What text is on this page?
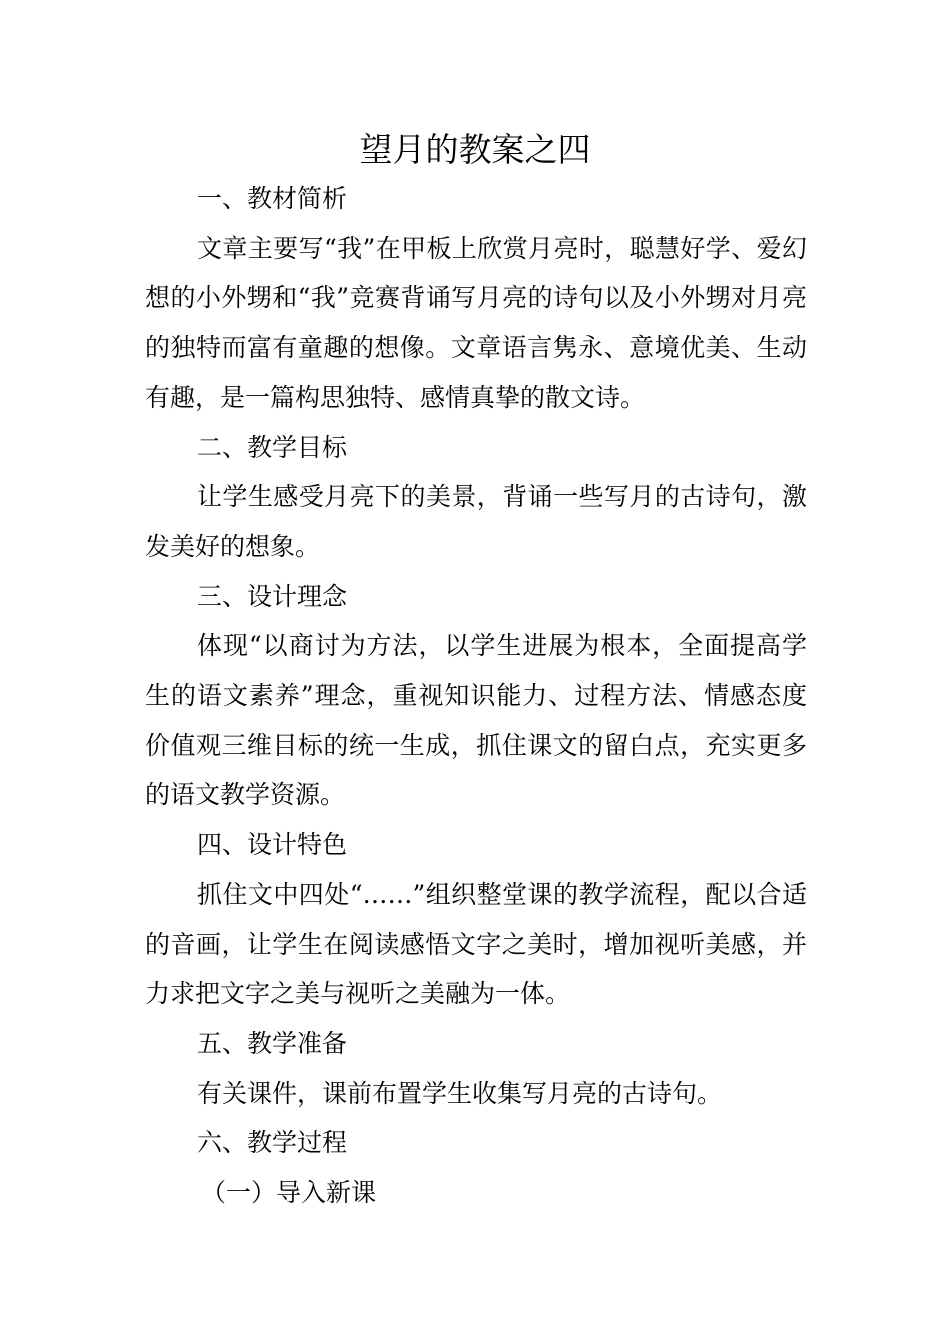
望月的教案之四

一、教材简析

文章主要写“我”在甲板上欣赏月亮时，聪慧好学、爱幻想的小外甥和“我”竞赛背诵写月亮的诗句以及小外甥对月亮的独特而富有童趣的想像。文章语言隽永、意境优美、生动有趣，是一篇构思独特、感情真挚的散文诗。

二、教学目标

让学生感受月亮下的美景，背诵一些写月的古诗句，激发美好的想象。

三、设计理念

体现“以商讨为方法，以学生进展为根本，全面提高学生的语文素养”理念，重视知识能力、过程方法、情感态度价值观三维目标的统一生成，抓住课文的留白点，充实更多的语文教学资源。

四、设计特色

抓住文中四处“……”组织整堂课的教学流程，配以合适的音画，让学生在阅读感悟文字之美时，增加视听美感，并力求把文字之美与视听之美融为一体。

五、教学准备

有关课件，课前布置学生收集写月亮的古诗句。

六、教学过程

（一）导入新课
